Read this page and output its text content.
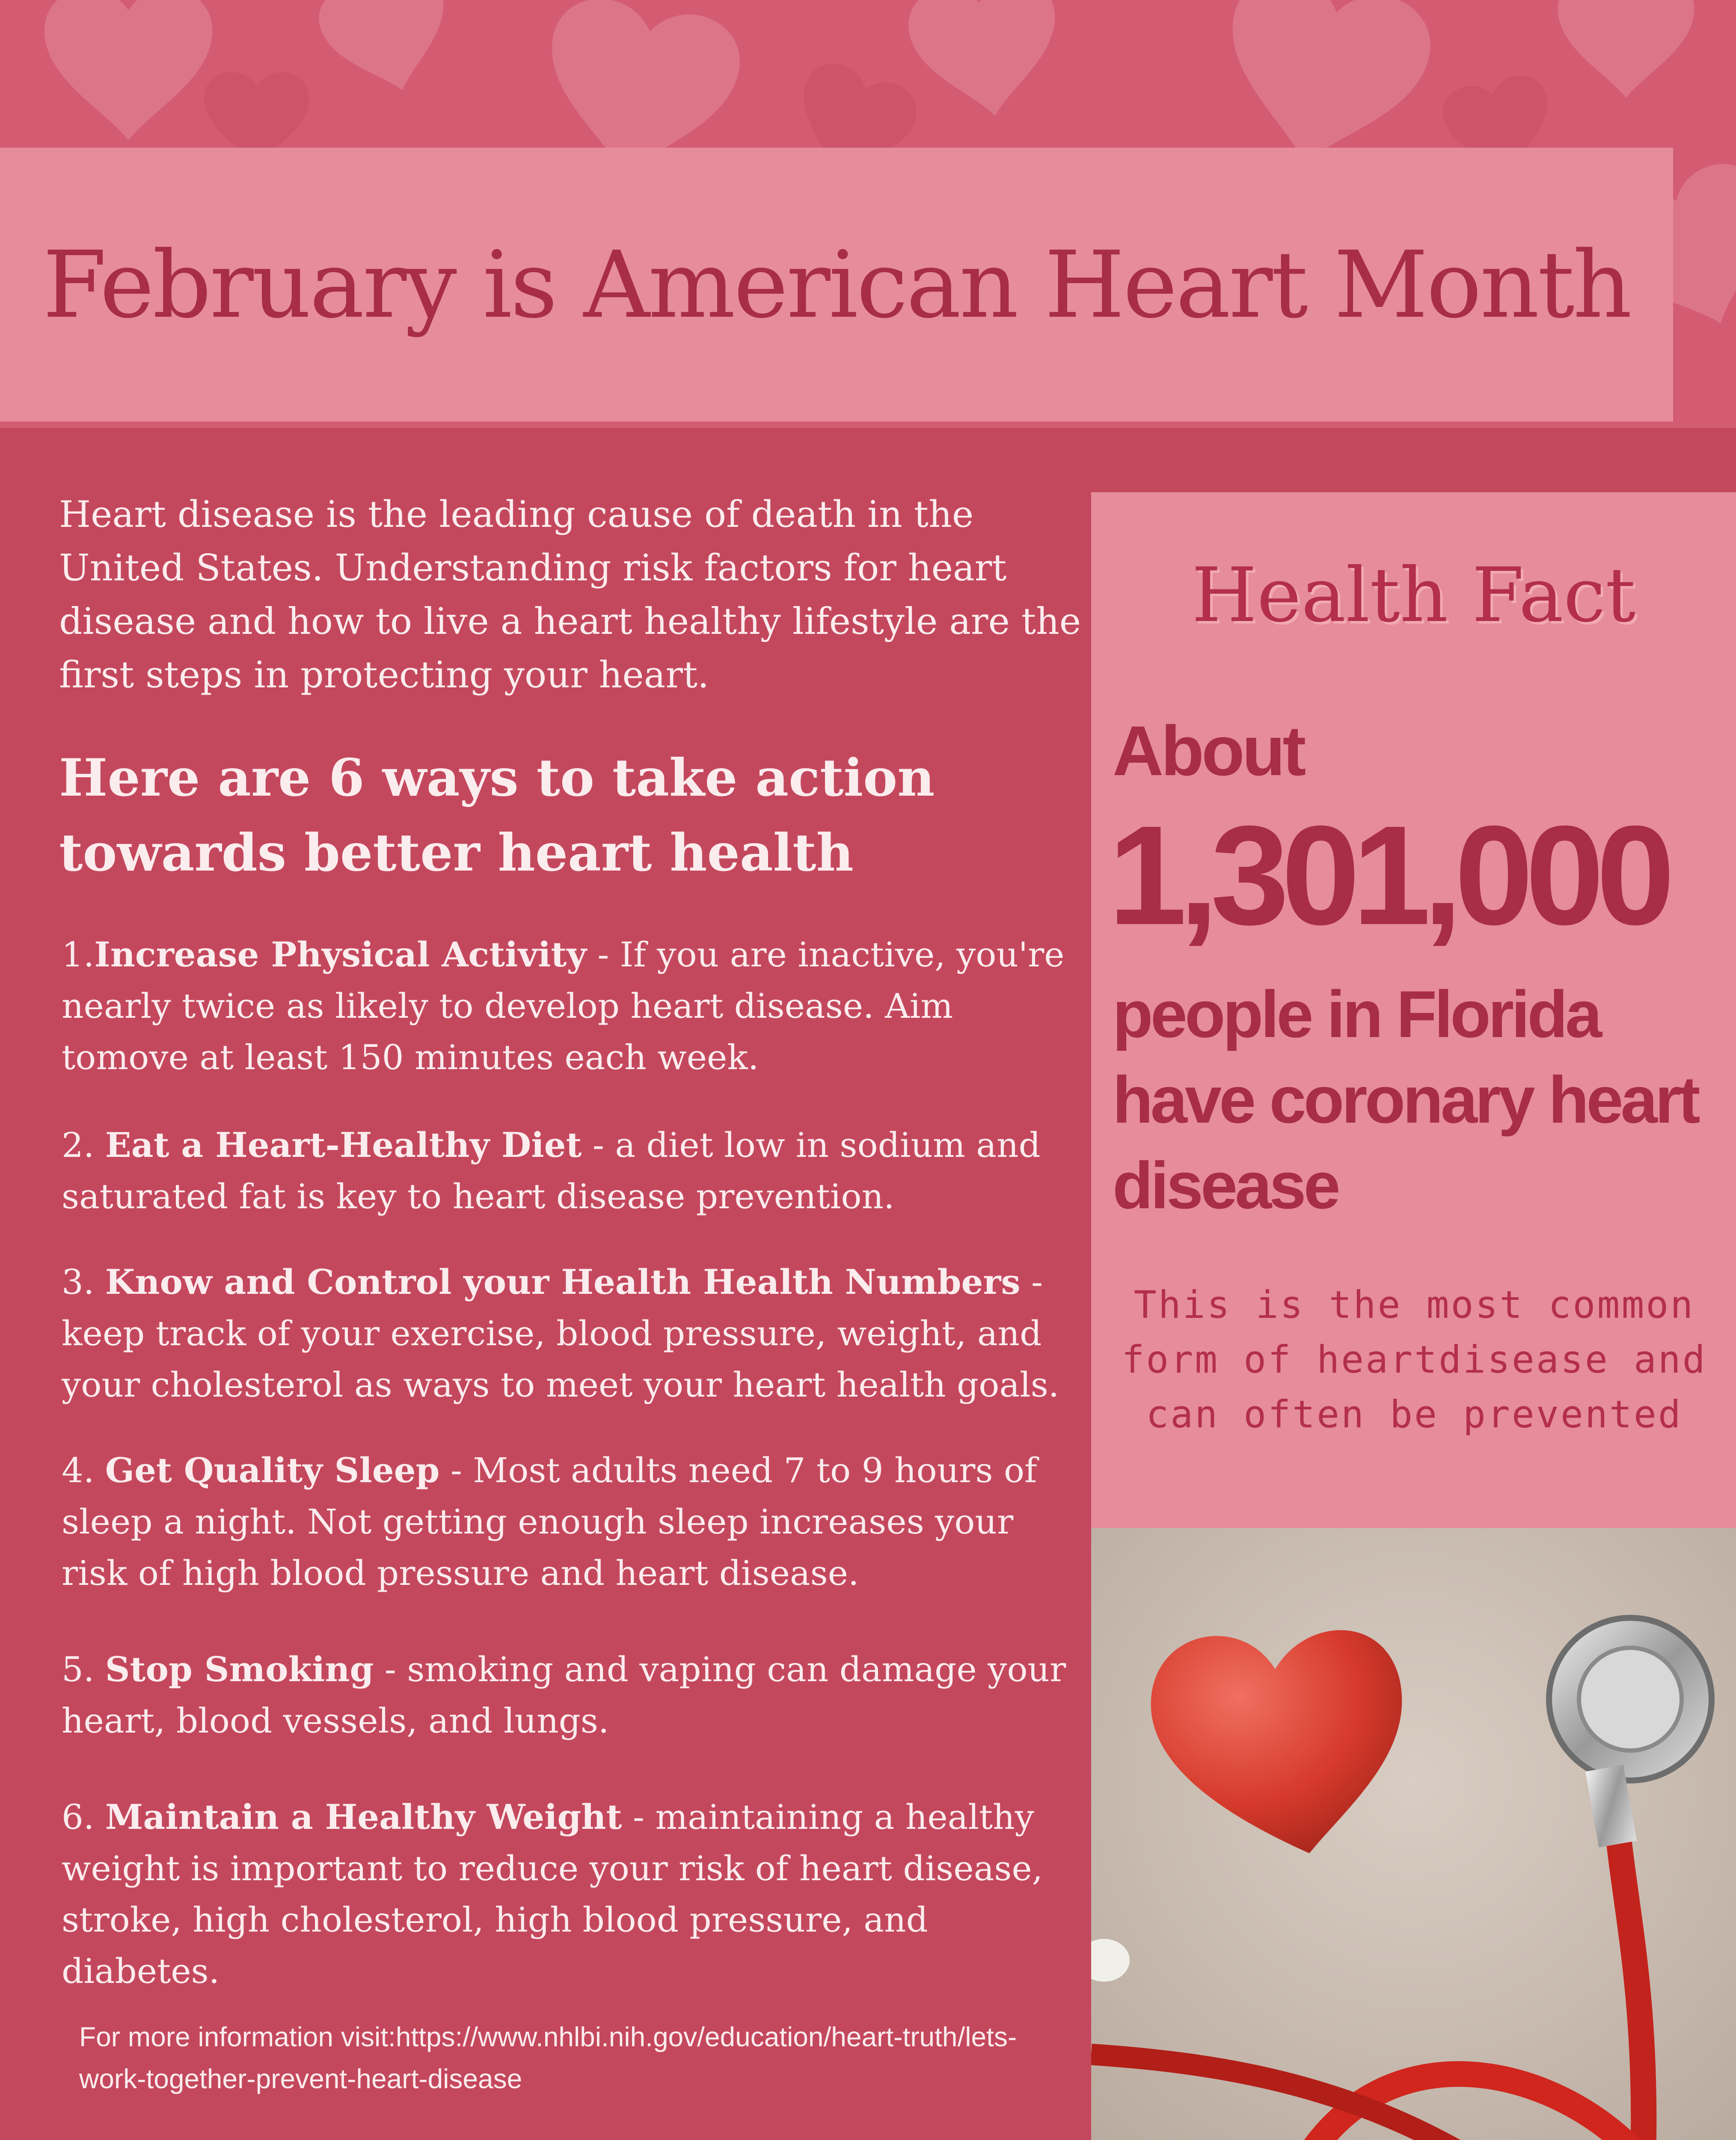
February is American Heart Month
Heart disease is the leading cause of death in the United States. Understanding risk factors for heart disease and how to live a heart healthy lifestyle are the first steps in protecting your heart.
Here are 6 ways to take action towards better heart health
1.Increase Physical Activity - If you are inactive, you're nearly twice as likely to develop heart disease. Aim tomove at least 150 minutes each week.
2. Eat a Heart-Healthy Diet - a diet low in sodium and saturated fat is key to heart disease prevention.
3. Know and Control your Health Health Numbers - keep track of your exercise, blood pressure, weight, and your cholesterol as ways to meet your heart health goals.
4. Get Quality Sleep - Most adults need 7 to 9 hours of sleep a night. Not getting enough sleep increases your risk of high blood pressure and heart disease.
5. Stop Smoking - smoking and vaping can damage your heart, blood vessels, and lungs.
6. Maintain a Healthy Weight - maintaining a healthy weight is important to reduce your risk of heart disease, stroke, high cholesterol, high blood pressure, and diabetes.
For more information visit:https://www.nhlbi.nih.gov/education/heart-truth/lets-work-together-prevent-heart-disease
Health Fact
About
1,301,000
people in Florida have coronary heart disease
This is the most common form of heartdisease and can often be prevented
